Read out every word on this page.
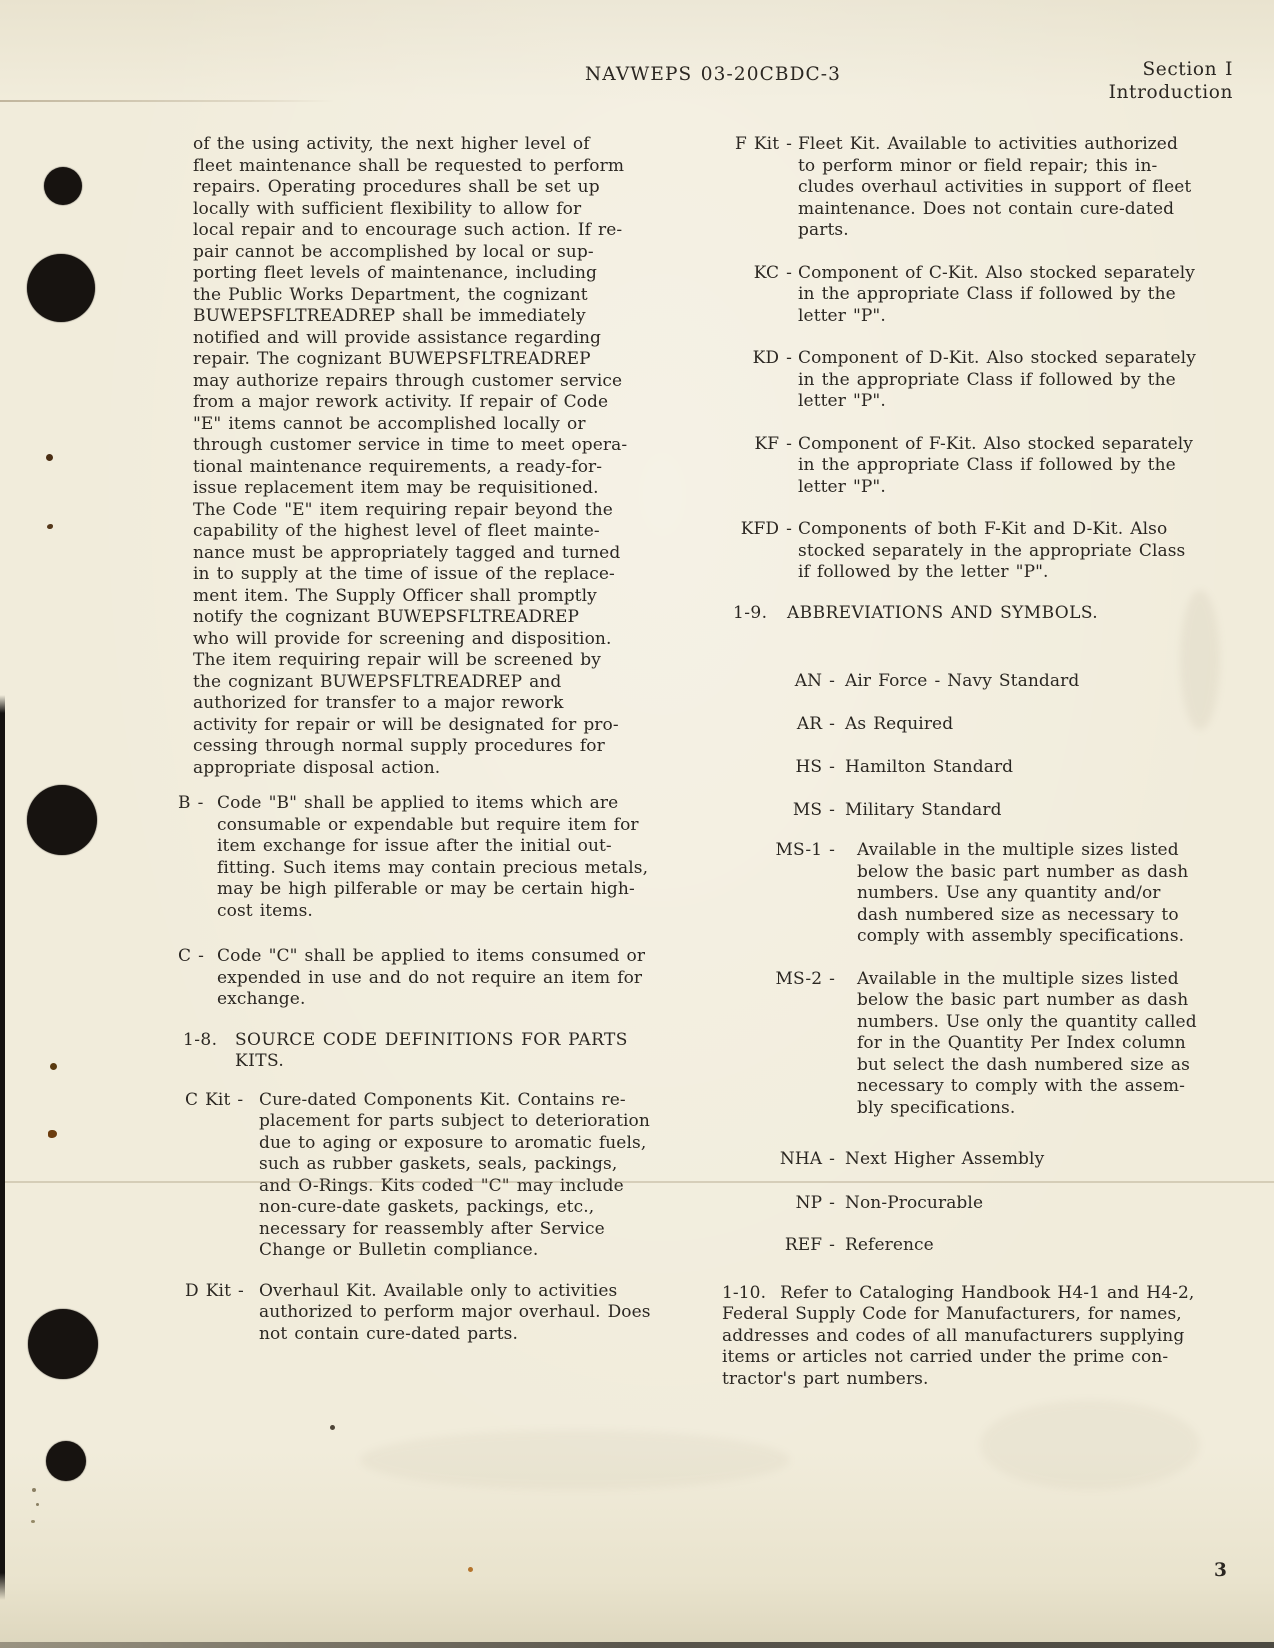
NAVWEPS 03-20CBDC-3	Section I
Introduction
of the using activity, the next higher level of
fleet maintenance shall be requested to perform
repairs. Operating procedures shall be set up
locally with sufficient flexibility to allow for
local repair and to encourage such action. If re-
pair cannot be accomplished by local or sup-
porting fleet levels of maintenance, including
the Public Works Department, the cognizant
BUWEPSFLTREADREP shall be immediately
notified and will provide assistance regarding
repair. The cognizant BUWEPSFLTREADREP
may authorize repairs through customer service
from a major rework activity. If repair of Code
"E" items cannot be accomplished locally or
through customer service in time to meet opera-
tional maintenance requirements, a ready-for-
issue replacement item may be requisitioned.
The Code "E" item requiring repair beyond the
capability of the highest level of fleet mainte-
nance must be appropriately tagged and turned
in to supply at the time of issue of the replace-
ment item. The Supply Officer shall promptly
notify the cognizant BUWEPSFLTREADREP
who will provide for screening and disposition.
The item requiring repair will be screened by
the cognizant BUWEPSFLTREADREP and
authorized for transfer to a major rework
activity for repair or will be designated for pro-
cessing through normal supply procedures for
appropriate disposal action.
B - Code "B" shall be applied to items which are
consumable or expendable but require item for
item exchange for issue after the initial out-
fitting. Such items may contain precious metals,
may be high pilferable or may be certain high-
cost items.
C - Code "C" shall be applied to items consumed or
expended in use and do not require an item for
exchange.
1-8.	SOURCE CODE DEFINITIONS FOR PARTS
KITS.
C Kit - Cure-dated Components Kit. Contains re-
placement for parts subject to deterioration
due to aging or exposure to aromatic fuels,
such as rubber gaskets, seals, packings,
and O-Rings. Kits coded "C" may include
non-cure-date gaskets, packings, etc.,
necessary for reassembly after Service
Change or Bulletin compliance.
D Kit - Overhaul Kit. Available only to activities
authorized to perform major overhaul. Does
not contain cure-dated parts.
F Kit - Fleet Kit. Available to activities authorized
to perform minor or field repair; this in-
cludes overhaul activities in support of fleet
maintenance. Does not contain cure-dated
parts.
KC - Component of C-Kit. Also stocked separately
in the appropriate Class if followed by the
letter "P".
KD - Component of D-Kit. Also stocked separately
in the appropriate Class if followed by the
letter "P".
KF - Component of F-Kit. Also stocked separately
in the appropriate Class if followed by the
letter "P".
KFD - Components of both F-Kit and D-Kit. Also
stocked separately in the appropriate Class
if followed by the letter "P".
1-9.	ABBREVIATIONS AND SYMBOLS.
AN - Air Force - Navy Standard
AR - As Required
HS - Hamilton Standard
MS - Military Standard
MS-1 - Available in the multiple sizes listed
below the basic part number as dash
numbers. Use any quantity and/or
dash numbered size as necessary to
comply with assembly specifications.
MS-2 - Available in the multiple sizes listed
below the basic part number as dash
numbers. Use only the quantity called
for in the Quantity Per Index column
but select the dash numbered size as
necessary to comply with the assem-
bly specifications.
NHA - Next Higher Assembly
NP - Non-Procurable
REF - Reference
1-10.  Refer to Cataloging Handbook H4-1 and H4-2,
Federal Supply Code for Manufacturers, for names,
addresses and codes of all manufacturers supplying
items or articles not carried under the prime con-
tractor's part numbers.
3
